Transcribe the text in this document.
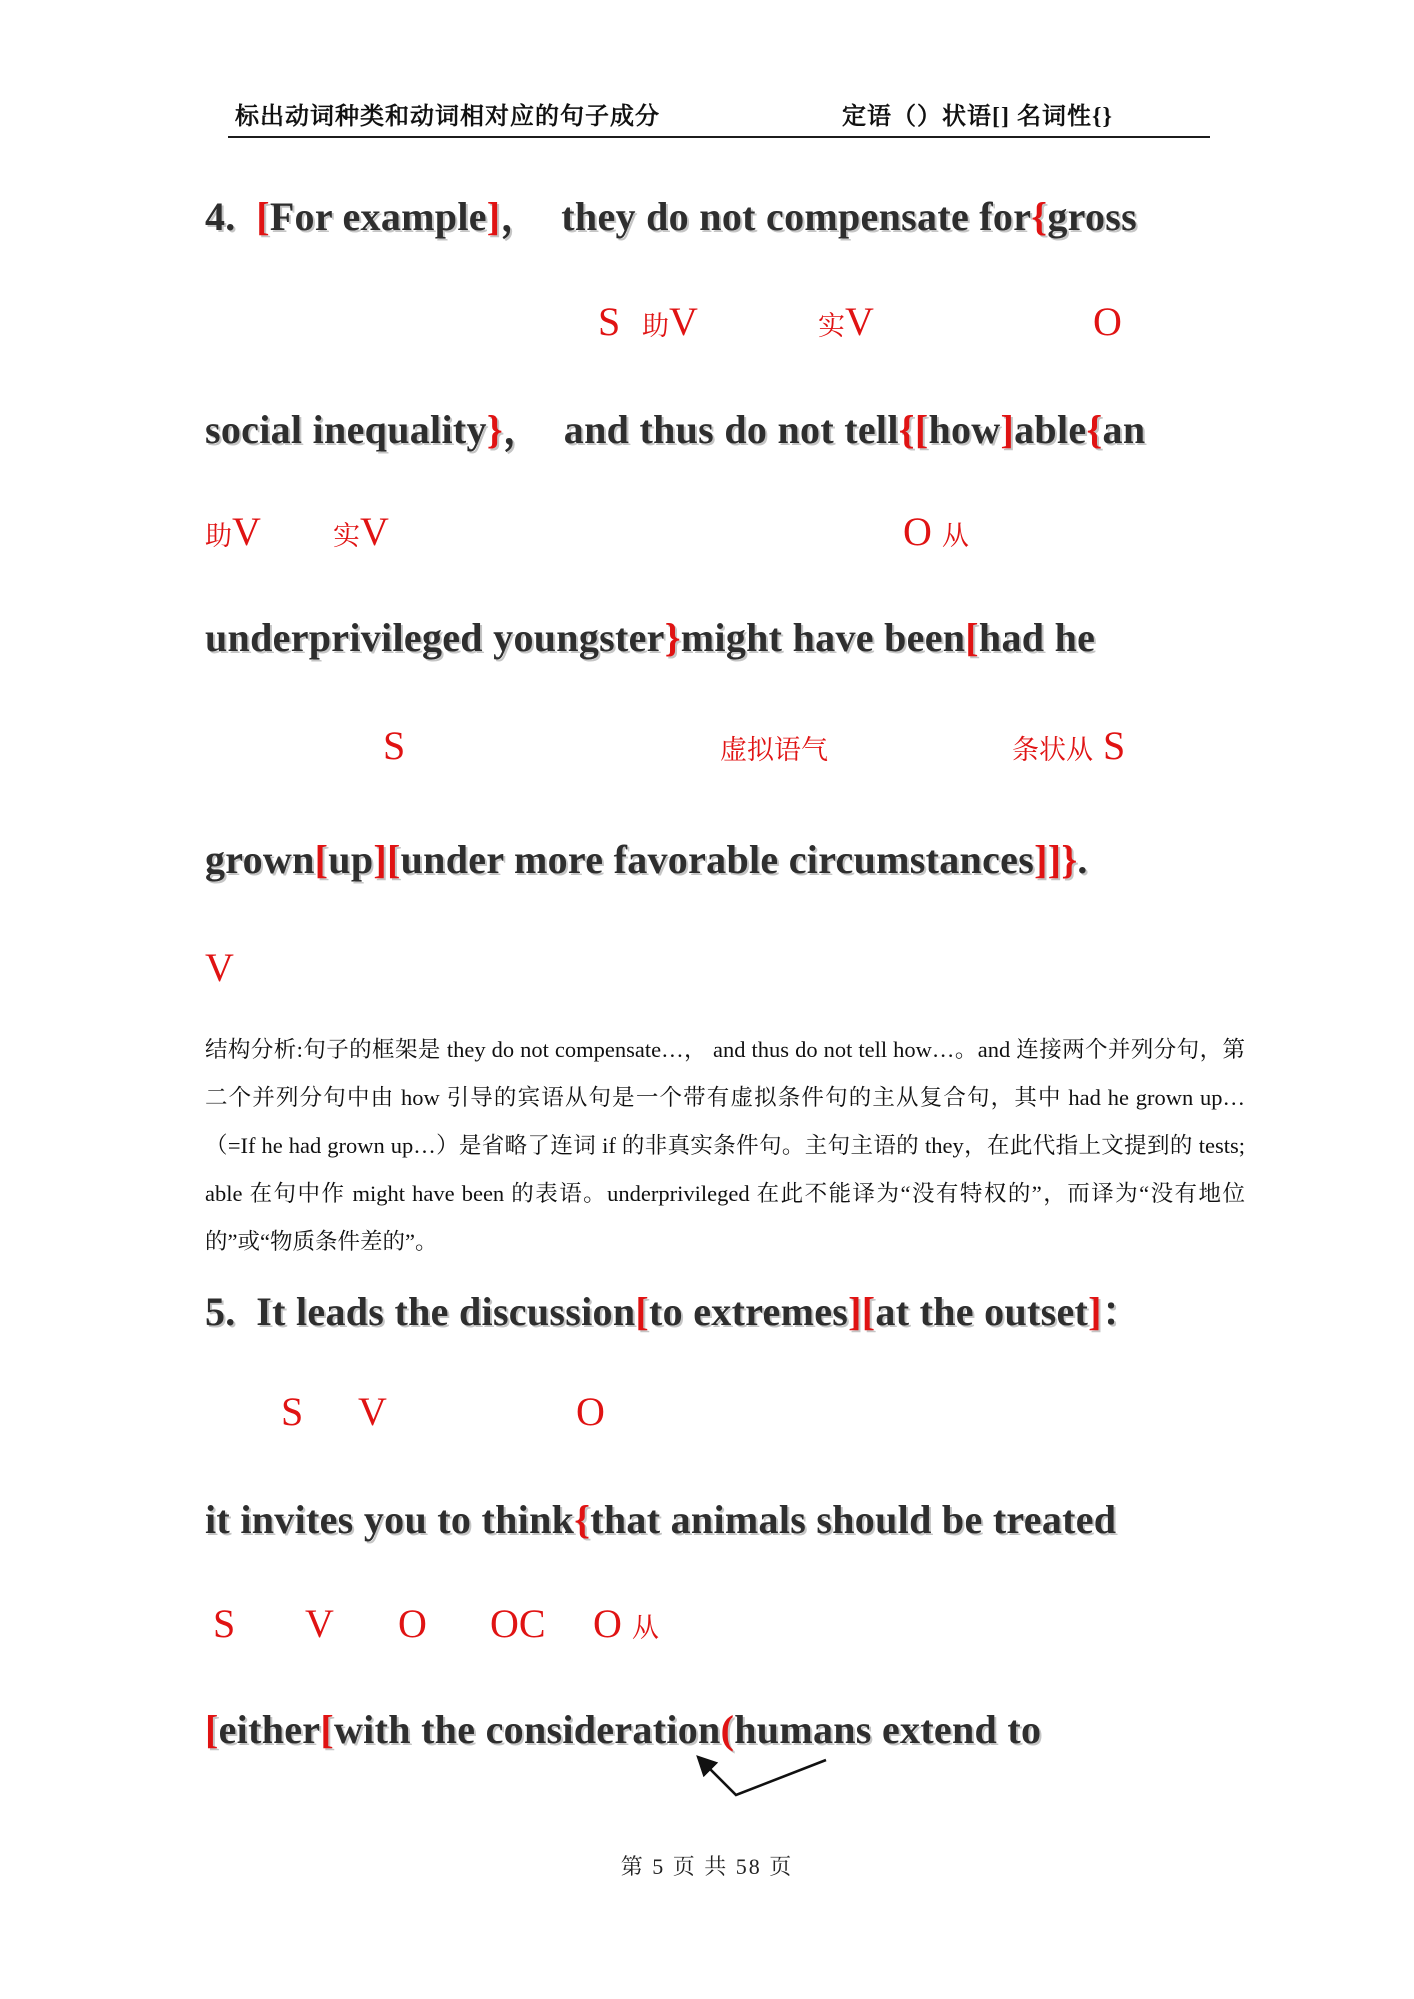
标出动词种类和动词相对应的句子成分	定语（）状语[] 名词性{}
4.  [For example]，  they do not compensate for{gross
S 助V	实V	O
social inequality}，  and thus do not tell{[how]able{an
助V	实V	O 从
underprivileged youngster}might have been[had he
S	虚拟语气	条状从 S
grown[up][under more favorable circumstances]]}.
V
结构分析:句子的框架是 they do not compensate…， and thus do not tell how…。and 连接两个并列分句，第二个并列分句中由 how 引导的宾语从句是一个带有虚拟条件句的主从复合句，其中 had he grown up…（=If he had grown up…）是省略了连词 if 的非真实条件句。主句主语的 they，在此代指上文提到的 tests; able 在句中作 might have been 的表语。underprivileged 在此不能译为“没有特权的”，而译为“没有地位的”或“物质条件差的”。
5.  It leads the discussion[to extremes][at the outset]：
S V	O
it invites you to think{that animals should be treated
S V O OC O 从
[either[with the consideration(humans extend to
第 5 页 共 58 页
